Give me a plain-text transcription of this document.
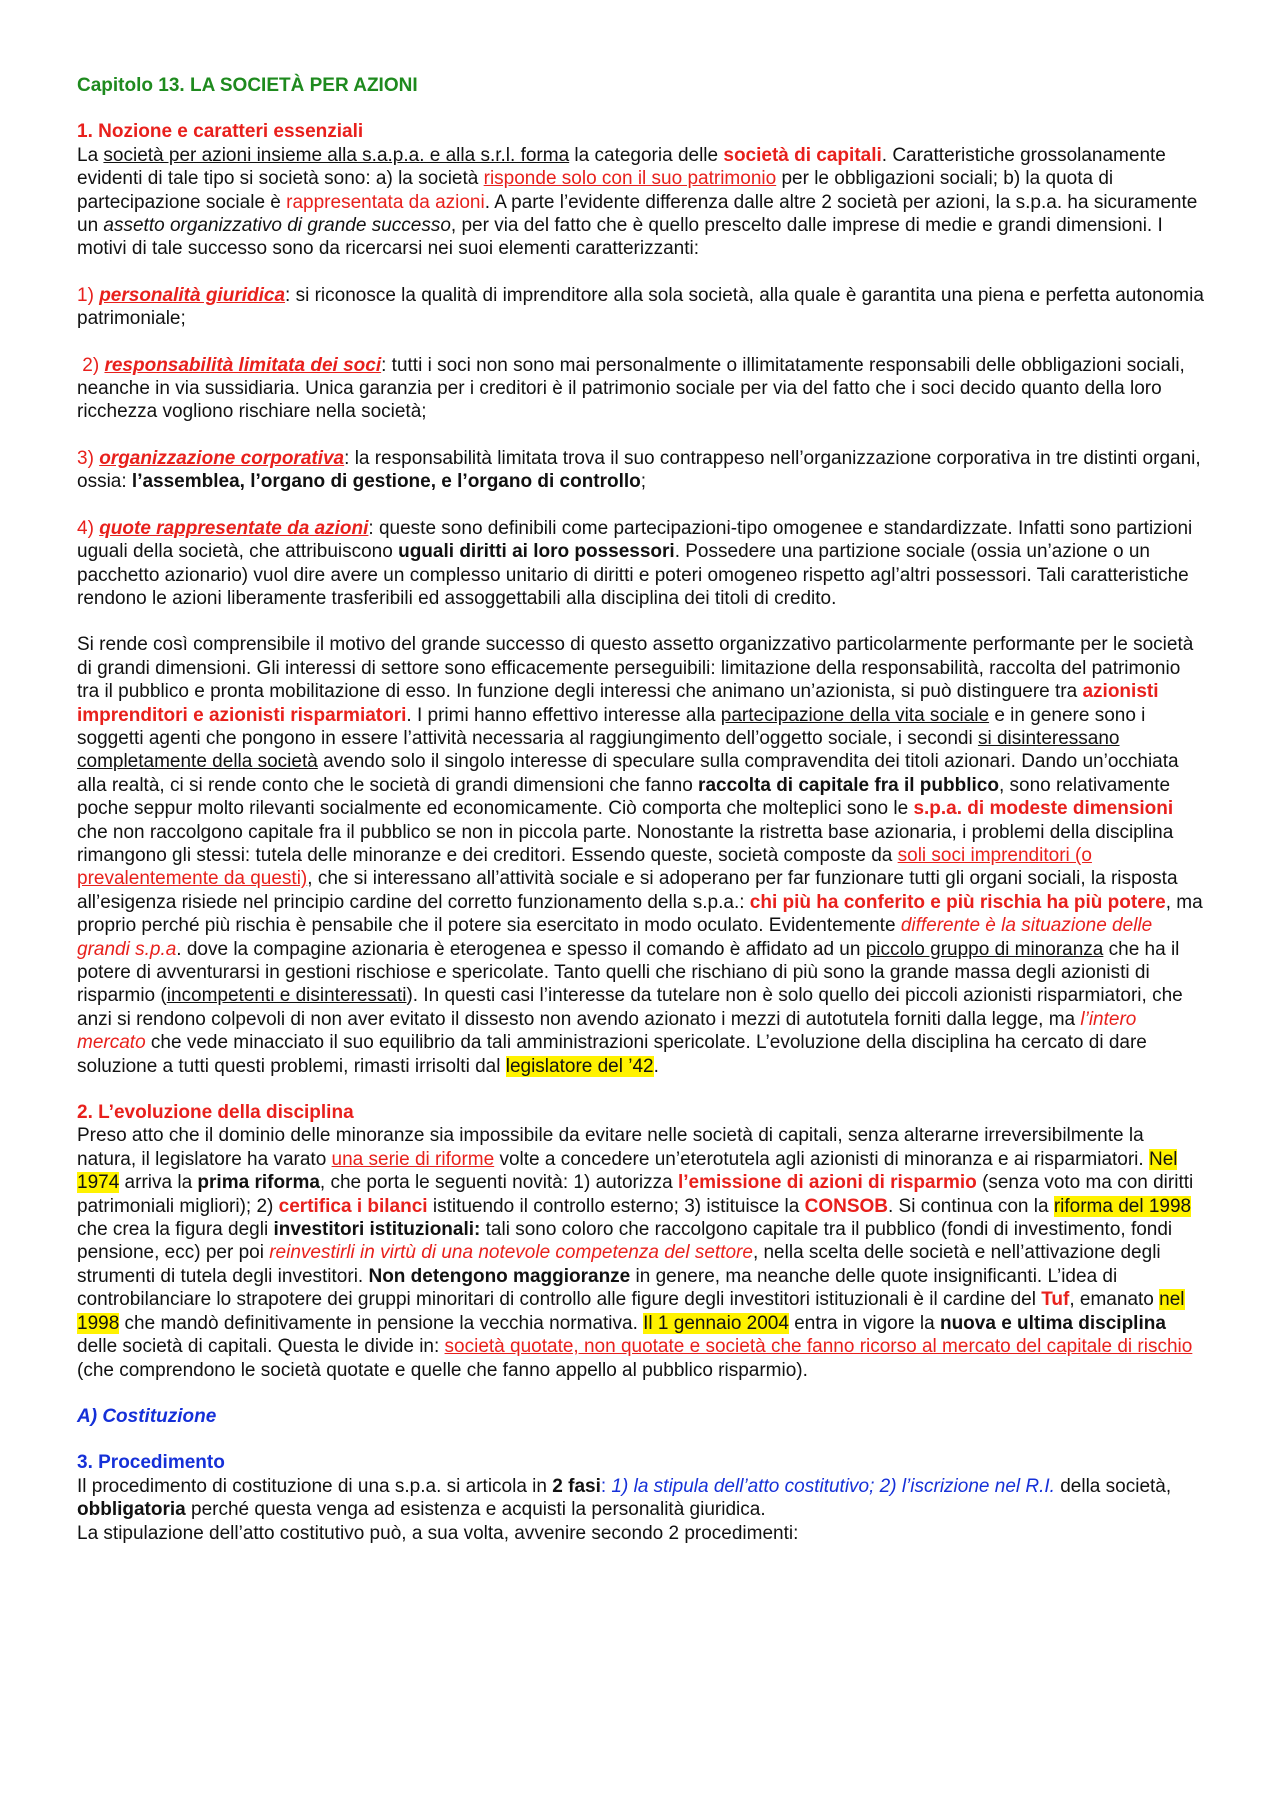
Capitolo 13. LA SOCIETÀ PER AZIONI

1. Nozione e caratteri essenziali

La società per azioni insieme alla s.a.p.a. e alla s.r.l. forma la categoria delle società di capitali. Caratteristiche grossolanamente evidenti di tale tipo si società sono: a) la società risponde solo con il suo patrimonio per le obbligazioni sociali; b) la quota di partecipazione sociale è rappresentata da azioni. A parte l’evidente differenza dalle altre 2 società per azioni, la s.p.a. ha sicuramente un assetto organizzativo di grande successo, per via del fatto che è quello prescelto dalle imprese di medie e grandi dimensioni. I motivi di tale successo sono da ricercarsi nei suoi elementi caratterizzanti:

1) personalità giuridica: si riconosce la qualità di imprenditore alla sola società, alla quale è garantita una piena e perfetta autonomia patrimoniale;

2) responsabilità limitata dei soci: tutti i soci non sono mai personalmente o illimitatamente responsabili delle obbligazioni sociali, neanche in via sussidiaria. Unica garanzia per i creditori è il patrimonio sociale per via del fatto che i soci decido quanto della loro ricchezza vogliono rischiare nella società;

3) organizzazione corporativa: la responsabilità limitata trova il suo contrappeso nell’organizzazione corporativa in tre distinti organi, ossia: l’assemblea, l’organo di gestione, e l’organo di controllo;

4) quote rappresentate da azioni: queste sono definibili come partecipazioni-tipo omogenee e standardizzate. Infatti sono partizioni uguali della società, che attribuiscono uguali diritti ai loro possessori. Possedere una partizione sociale (ossia un’azione o un pacchetto azionario) vuol dire avere un complesso unitario di diritti e poteri omogeneo rispetto agl’altri possessori. Tali caratteristiche rendono le azioni liberamente trasferibili ed assoggettabili alla disciplina dei titoli di credito.

Si rende così comprensibile il motivo del grande successo di questo assetto organizzativo particolarmente performante per le società di grandi dimensioni. Gli interessi di settore sono efficacemente perseguibili: limitazione della responsabilità, raccolta del patrimonio tra il pubblico e pronta mobilitazione di esso. In funzione degli interessi che animano un’azionista, si può distinguere tra azionisti imprenditori e azionisti risparmiatori. I primi hanno effettivo interesse alla partecipazione della vita sociale e in genere sono i soggetti agenti che pongono in essere l’attività necessaria al raggiungimento dell’oggetto sociale, i secondi si disinteressano completamente della società avendo solo il singolo interesse di speculare sulla compravendita dei titoli azionari. Dando un’occhiata alla realtà, ci si rende conto che le società di grandi dimensioni che fanno raccolta di capitale fra il pubblico, sono relativamente poche seppur molto rilevanti socialmente ed economicamente. Ciò comporta che molteplici sono le s.p.a. di modeste dimensioni che non raccolgono capitale fra il pubblico se non in piccola parte. Nonostante la ristretta base azionaria, i problemi della disciplina rimangono gli stessi: tutela delle minoranze e dei creditori. Essendo queste, società composte da soli soci imprenditori (o prevalentemente da questi), che si interessano all’attività sociale e si adoperano per far funzionare tutti gli organi sociali, la risposta all’esigenza risiede nel principio cardine del corretto funzionamento della s.p.a.: chi più ha conferito e più rischia ha più potere, ma proprio perché più rischia è pensabile che il potere sia esercitato in modo oculato. Evidentemente differente è la situazione delle grandi s.p.a. dove la compagine azionaria è eterogenea e spesso il comando è affidato ad un piccolo gruppo di minoranza che ha il potere di avventurarsi in gestioni rischiose e spericolate. Tanto quelli che rischiano di più sono la grande massa degli azionisti di risparmio (incompetenti e disinteressati). In questi casi l’interesse da tutelare non è solo quello dei piccoli azionisti risparmiatori, che anzi si rendono colpevoli di non aver evitato il dissesto non avendo azionato i mezzi di autotutela forniti dalla legge, ma l’intero mercato che vede minacciato il suo equilibrio da tali amministrazioni spericolate. L’evoluzione della disciplina ha cercato di dare soluzione a tutti questi problemi, rimasti irrisolti dal legislatore del ’42.

2. L’evoluzione della disciplina

Preso atto che il dominio delle minoranze sia impossibile da evitare nelle società di capitali, senza alterarne irreversibilmente la natura, il legislatore ha varato una serie di riforme volte a concedere un’eterotutela agli azionisti di minoranza e ai risparmiatori. Nel 1974 arriva la prima riforma, che porta le seguenti novità: 1) autorizza l’emissione di azioni di risparmio (senza voto ma con diritti patrimoniali migliori); 2) certifica i bilanci istituendo il controllo esterno; 3) istituisce la CONSOB. Si continua con la riforma del 1998 che crea la figura degli investitori istituzionali: tali sono coloro che raccolgono capitale tra il pubblico (fondi di investimento, fondi pensione, ecc) per poi reinvestirli in virtù di una notevole competenza del settore, nella scelta delle società e nell’attivazione degli strumenti di tutela degli investitori. Non detengono maggioranze in genere, ma neanche delle quote insignificanti. L’idea di controbilanciare lo strapotere dei gruppi minoritari di controllo alle figure degli investitori istituzionali è il cardine del Tuf, emanato nel 1998 che mandò definitivamente in pensione la vecchia normativa. Il 1 gennaio 2004 entra in vigore la nuova e ultima disciplina delle società di capitali. Questa le divide in: società quotate, non quotate e società che fanno ricorso al mercato del capitale di rischio (che comprendono le società quotate e quelle che fanno appello al pubblico risparmio).

A) Costituzione

3. Procedimento

Il procedimento di costituzione di una s.p.a. si articola in 2 fasi: 1) la stipula dell’atto costitutivo; 2) l’iscrizione nel R.I. della società, obbligatoria perché questa venga ad esistenza e acquisti la personalità giuridica.

La stipulazione dell’atto costitutivo può, a sua volta, avvenire secondo 2 procedimenti:
